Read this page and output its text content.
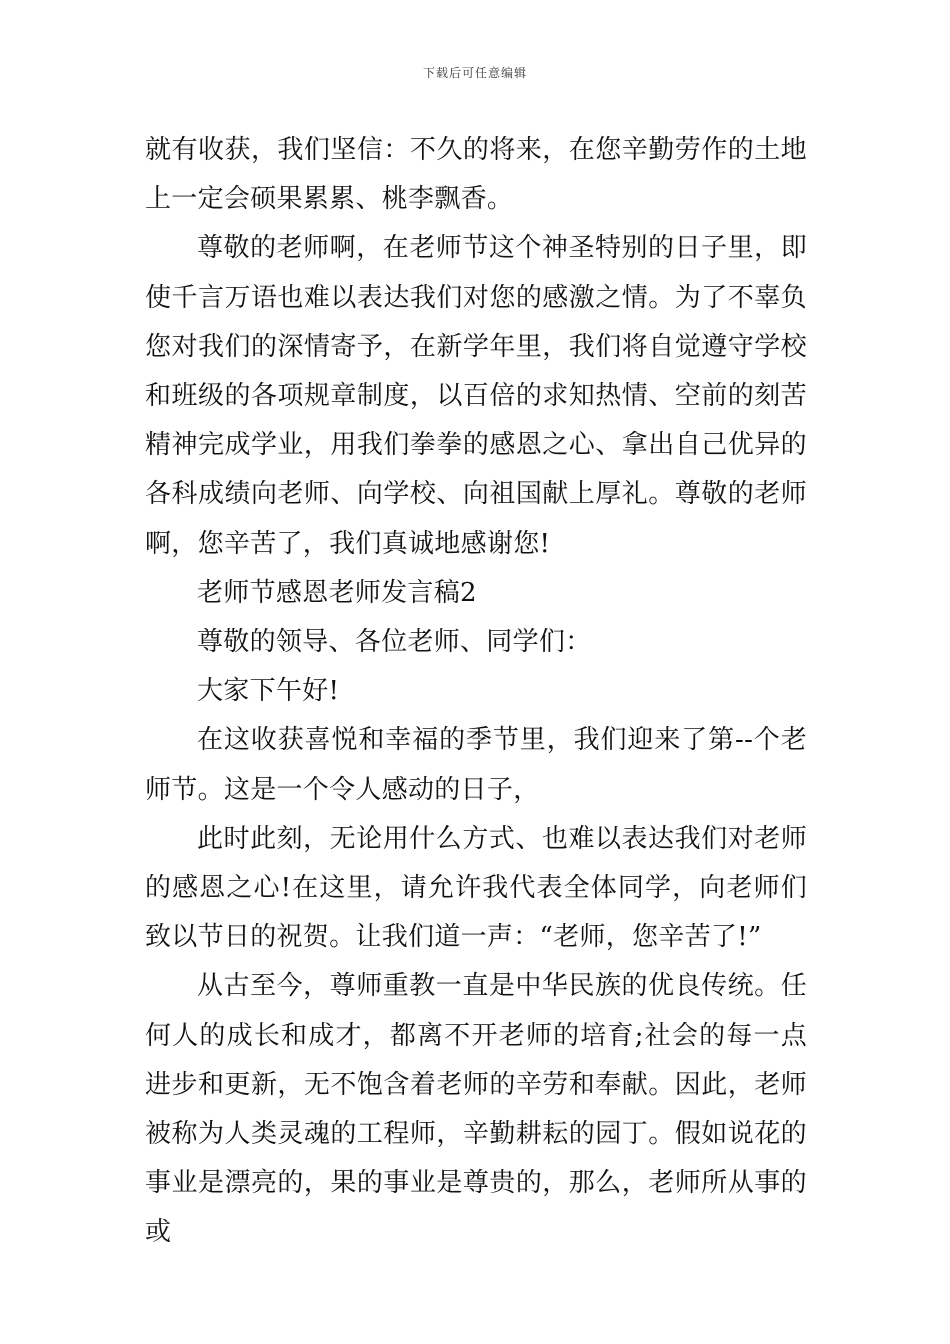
下载后可任意编辑

就有收获，我们坚信：不久的将来，在您辛勤劳作的土地上一定会硕果累累、桃李飘香。

尊敬的老师啊，在老师节这个神圣特别的日子里，即使千言万语也难以表达我们对您的感激之情。为了不辜负您对我们的深情寄予，在新学年里，我们将自觉遵守学校和班级的各项规章制度，以百倍的求知热情、空前的刻苦精神完成学业，用我们拳拳的感恩之心、拿出自己优异的各科成绩向老师、向学校、向祖国献上厚礼。尊敬的老师啊，您辛苦了，我们真诚地感谢您!

老师节感恩老师发言稿2

尊敬的领导、各位老师、同学们：

大家下午好!

在这收获喜悦和幸福的季节里，我们迎来了第--个老师节。这是一个令人感动的日子，

此时此刻，无论用什么方式、也难以表达我们对老师的感恩之心!在这里，请允许我代表全体同学，向老师们致以节日的祝贺。让我们道一声：“老师，您辛苦了!”

从古至今，尊师重教一直是中华民族的优良传统。任何人的成长和成才，都离不开老师的培育;社会的每一点进步和更新，无不饱含着老师的辛劳和奉献。因此，老师被称为人类灵魂的工程师，辛勤耕耘的园丁。假如说花的事业是漂亮的，果的事业是尊贵的，那么，老师所从事的或
